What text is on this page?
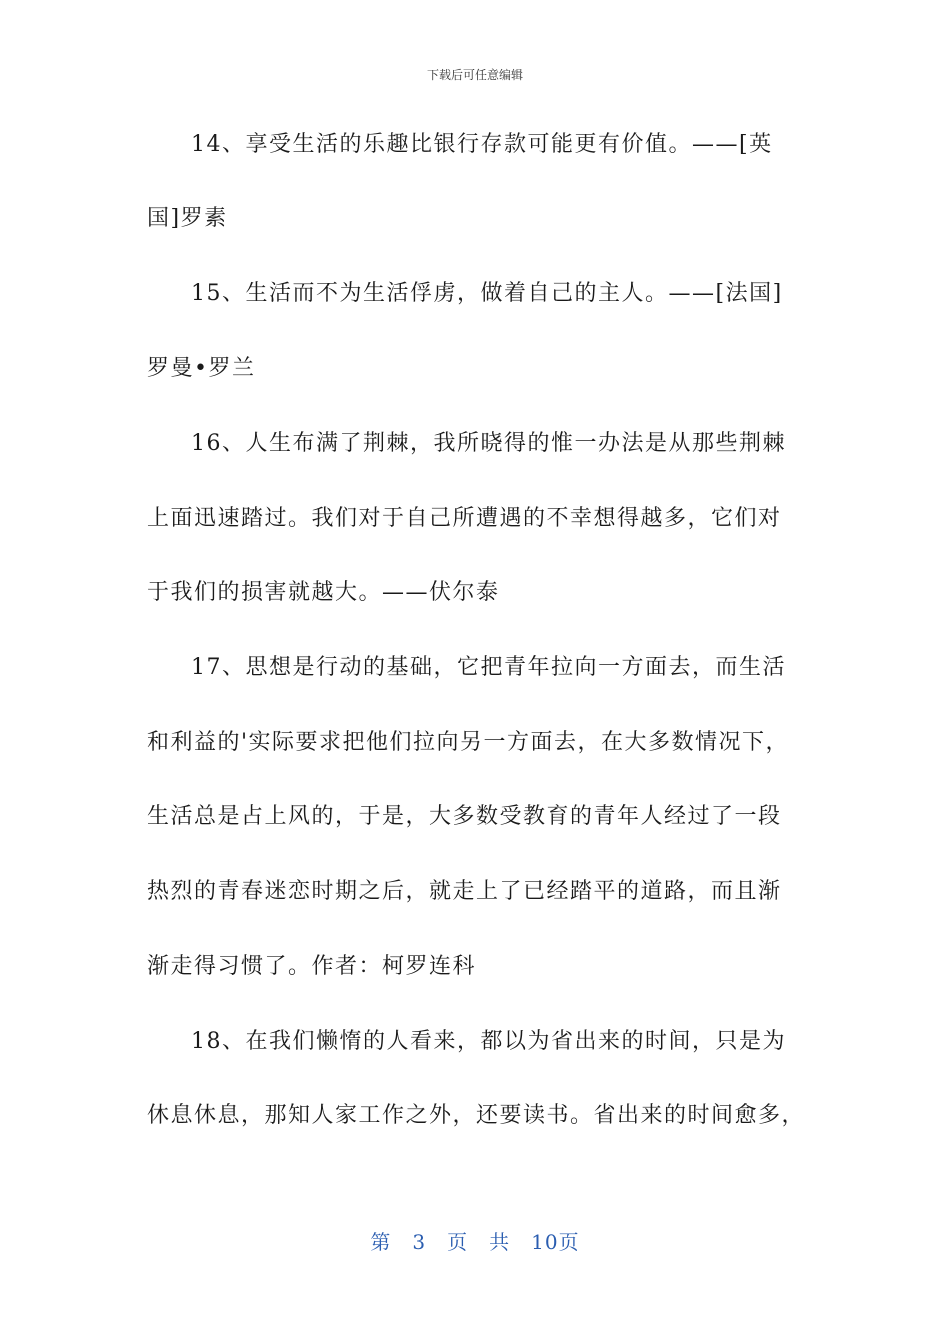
下载后可任意编辑
14、享受生活的乐趣比银行存款可能更有价值。——[英
国]罗素
15、生活而不为生活俘虏，做着自己的主人。——[法国]
罗曼•罗兰
16、人生布满了荆棘，我所晓得的惟一办法是从那些荆棘
上面迅速踏过。我们对于自己所遭遇的不幸想得越多，它们对
于我们的损害就越大。——伏尔泰
17、思想是行动的基础，它把青年拉向一方面去，而生活
和利益的'实际要求把他们拉向另一方面去，在大多数情况下，
生活总是占上风的，于是，大多数受教育的青年人经过了一段
热烈的青春迷恋时期之后，就走上了已经踏平的道路，而且渐
渐走得习惯了。作者：柯罗连科
18、在我们懒惰的人看来，都以为省出来的时间，只是为
休息休息，那知人家工作之外，还要读书。省出来的时间愈多，
第　3　页　共　10页
